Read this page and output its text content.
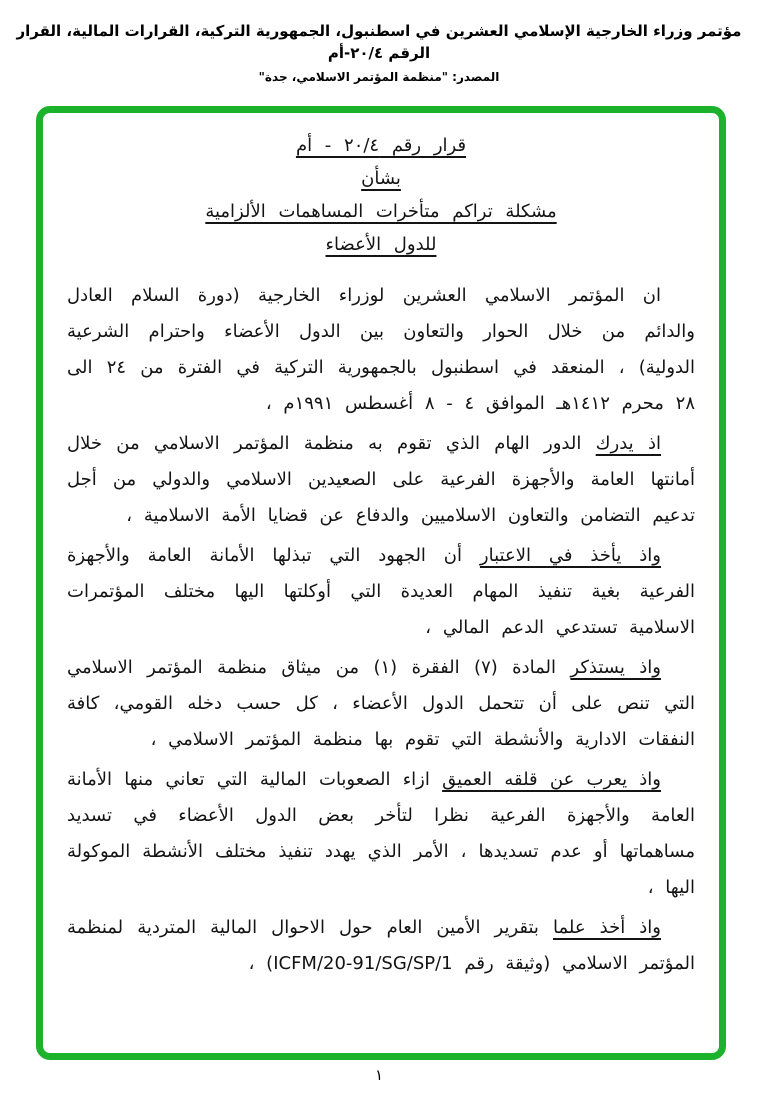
مؤتمر وزراء الخارجية الإسلامي العشرين في اسطنبول، الجمهورية التركية، القرارات المالية، القرار الرقم ٢٠/٤-أم
المصدر: "منظمة المؤتمر الاسلامي، جدة"
قرار رقم ٢٠/٤ - أم
بشأن
مشكلة تراكم متأخرات المساهمات الألزامية
للدول الأعضاء

ان المؤتمر الاسلامي العشرين لوزراء الخارجية (دورة السلام العادل والدائم من خلال الحوار والتعاون بين الدول الأعضاء واحترام الشرعية الدولية) ، المنعقد في اسطنبول بالجمهورية التركية في الفترة من ٢٤ الى ٢٨ محرم ١٤١٢هـ الموافق ٤ - ٨ أغسطس ١٩٩١م ،

اذ يدرك الدور الهام الذي تقوم به منظمة المؤتمر الاسلامي من خلال أمانتها العامة والأجهزة الفرعية على الصعيدين الاسلامي والدولي من أجل تدعيم التضامن والتعاون الاسلاميين والدفاع عن قضايا الأمة الاسلامية ،

واذ يأخذ في الاعتبار أن الجهود التي تبذلها الأمانة العامة والأجهزة الفرعية بغية تنفيذ المهام العديدة التي أوكلتها اليها مختلف المؤتمرات الاسلامية تستدعي الدعم المالي ،

واذ يستذكر المادة (٧) الفقرة (١) من ميثاق منظمة المؤتمر الاسلامي التي تنص على أن تتحمل الدول الأعضاء ، كل حسب دخله القومي، كافة النفقات الادارية والأنشطة التي تقوم بها منظمة المؤتمر الاسلامي ،

واذ يعرب عن قلقه العميق ازاء الصعوبات المالية التي تعاني منها الأمانة العامة والأجهزة الفرعية نظرا لتأخر بعض الدول الأعضاء في تسديد مساهماتها أو عدم تسديدها ، الأمر الذي يهدد تنفيذ مختلف الأنشطة الموكولة اليها ،

واذ أخذ علما بتقرير الأمين العام حول الاحوال المالية المتردية لمنظمة المؤتمر الاسلامي (وثيقة رقم ICFM/20-91/SG/SP/1) ،

١
